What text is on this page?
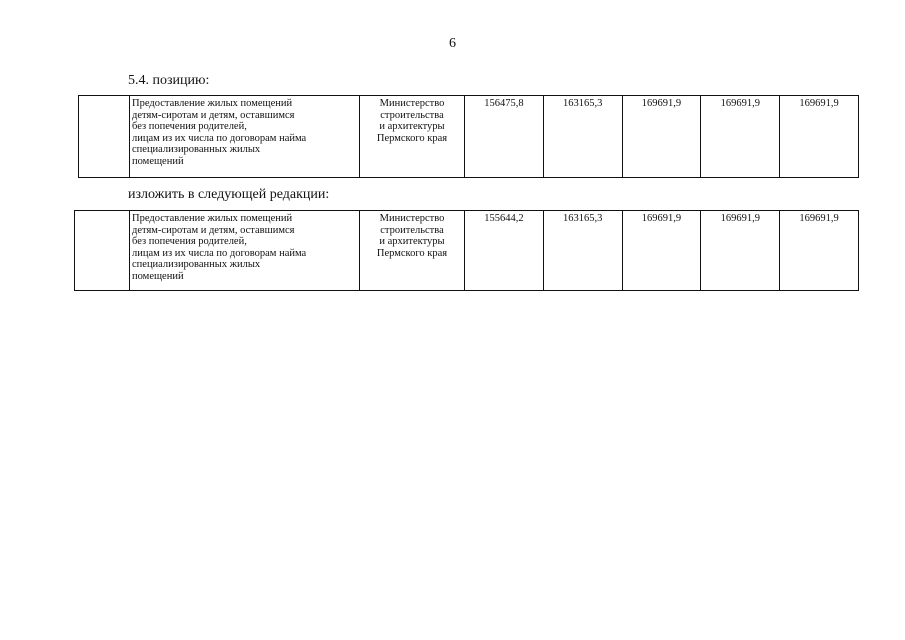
6
5.4. позицию:

Предоставление жилых помещений
детям-сиротам и детям, оставшимся
без попечения родителей,
лицам из их числа по договорам найма
специализированных жилых
помещений

Министерство
строительства
и архитектуры
Пермского края
	156475,8	163165,3	169691,9	169691,9	169691,9
изложить в следующей редакции:

Предоставление жилых помещений
детям-сиротам и детям, оставшимся
без попечения родителей,
лицам из их числа по договорам найма
специализированных жилых
помещений

Министерство
строительства
и архитектуры
Пермского края
	155644,2	163165,3	169691,9	169691,9	169691,9
